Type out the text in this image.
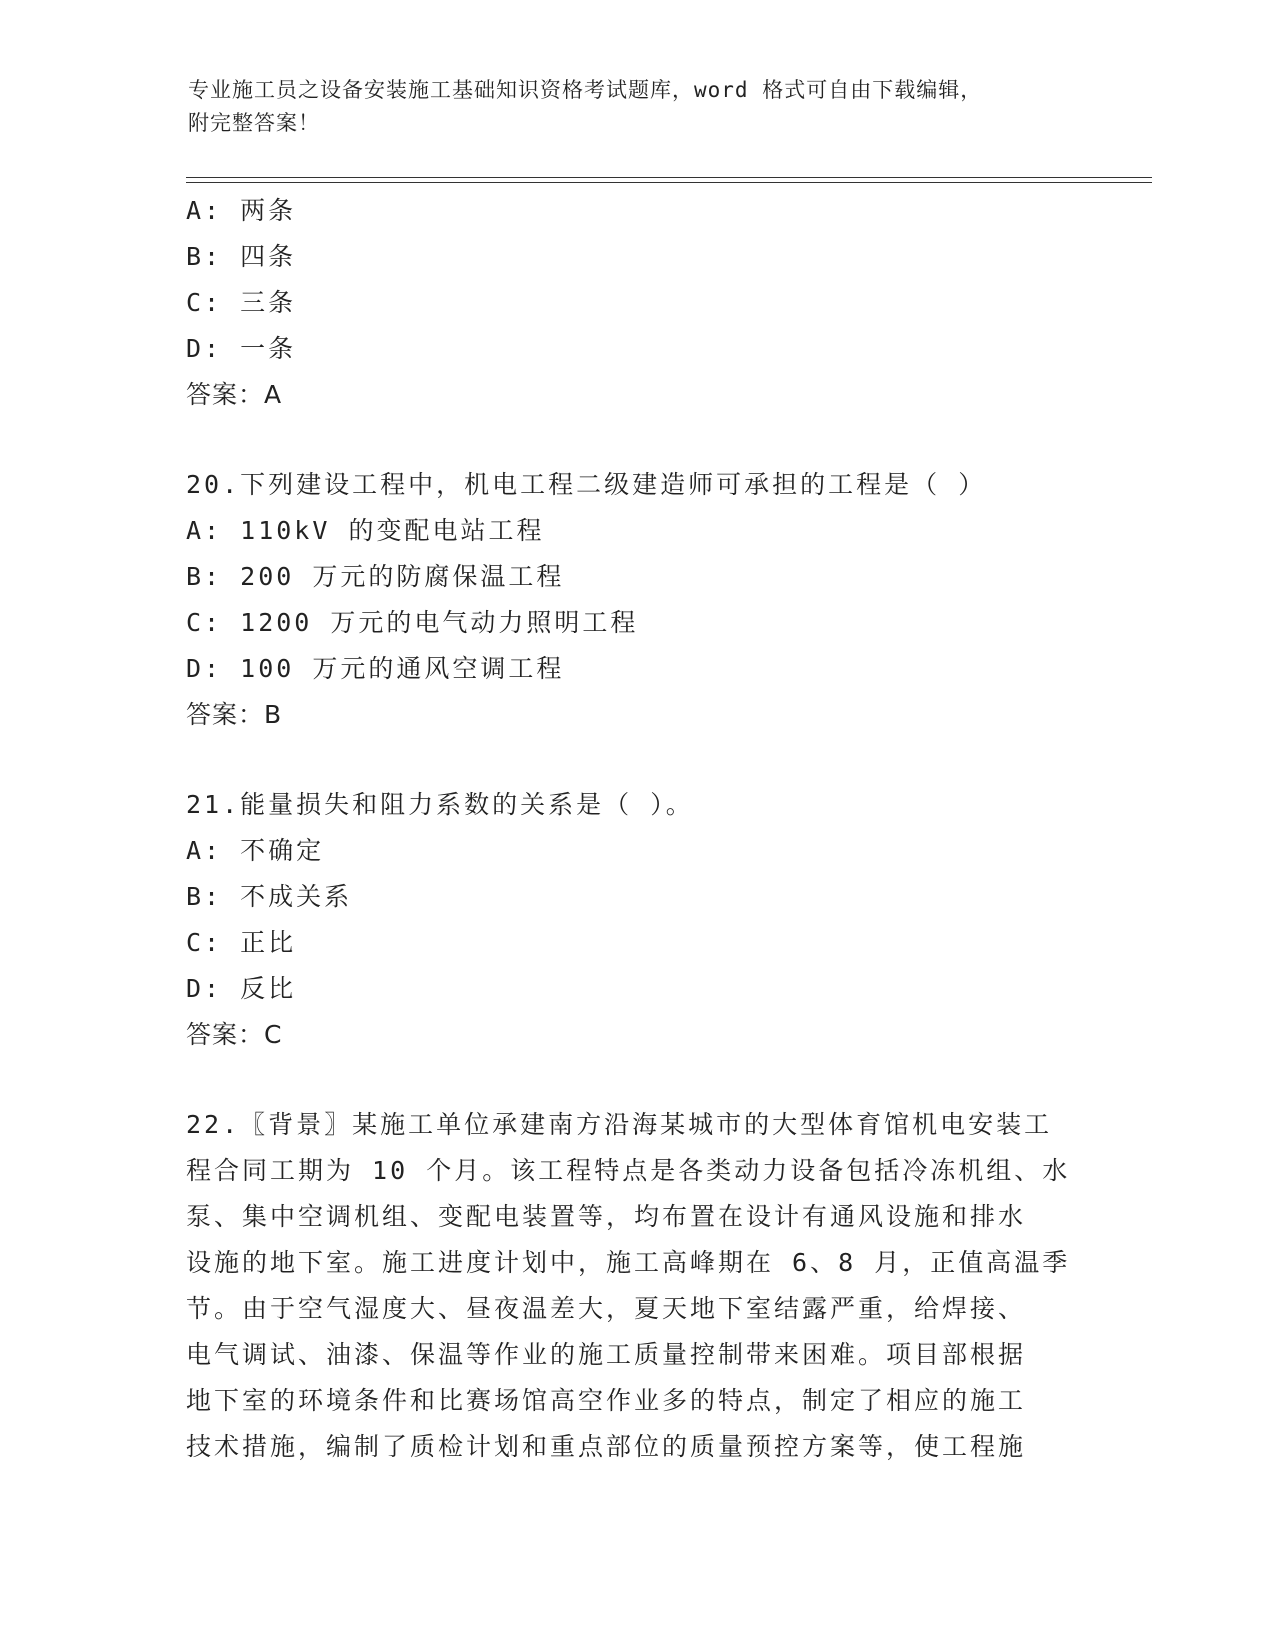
专业施工员之设备安装施工基础知识资格考试题库，word 格式可自由下载编辑，
附完整答案！
A: 两条
B: 四条
C: 三条
D: 一条
答案：A
20.下列建设工程中，机电工程二级建造师可承担的工程是（ ）
A: 110kV 的变配电站工程
B: 200 万元的防腐保温工程
C: 1200 万元的电气动力照明工程
D: 100 万元的通风空调工程
答案：B
21.能量损失和阻力系数的关系是（ ）。
A: 不确定
B: 不成关系
C: 正比
D: 反比
答案：C
22.〖背景〗某施工单位承建南方沿海某城市的大型体育馆机电安装工
程合同工期为 10 个月。该工程特点是各类动力设备包括冷冻机组、水
泵、集中空调机组、变配电装置等，均布置在设计有通风设施和排水
设施的地下室。施工进度计划中，施工高峰期在 6、8 月，正值高温季
节。由于空气湿度大、昼夜温差大，夏天地下室结露严重，给焊接、
电气调试、油漆、保温等作业的施工质量控制带来困难。项目部根据
地下室的环境条件和比赛场馆高空作业多的特点，制定了相应的施工
技术措施，编制了质检计划和重点部位的质量预控方案等，使工程施
